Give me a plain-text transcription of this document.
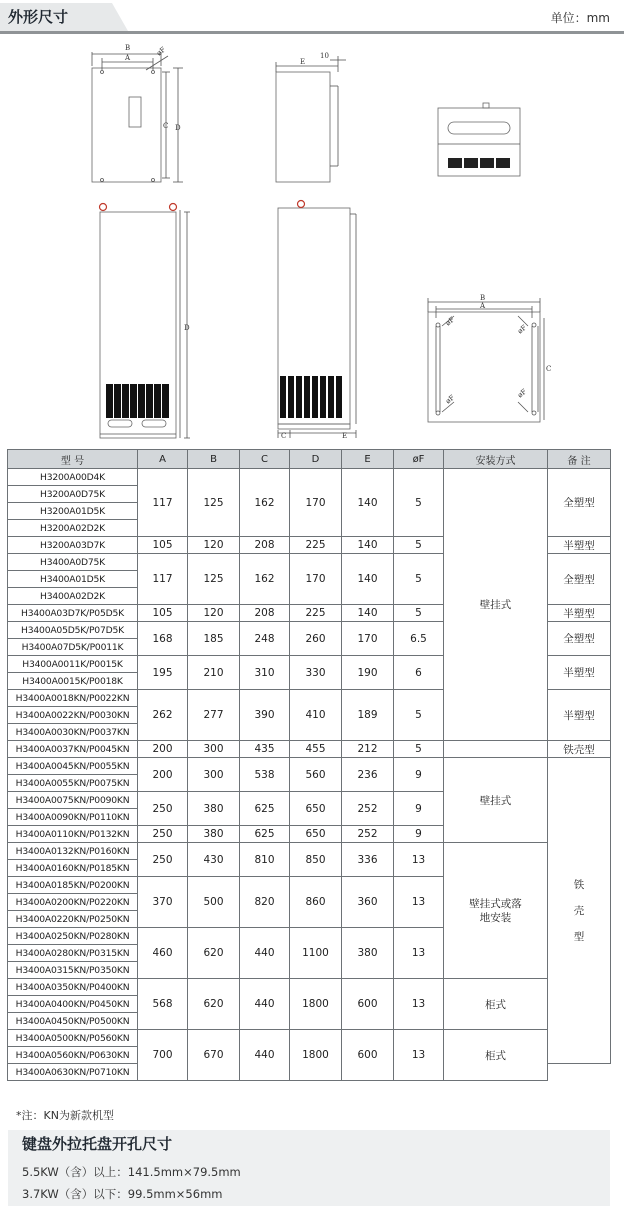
外形尺寸	单位：mm
B
A
øF
C D
E
10
D
C	E
B
A
øF
øF
øF
øF
C
型 号	A	B	C	D	E	øF	安装方式	备 注
H3200A00D4K	117	125	162	170	140	5	壁挂式	全塑型
H3200A0D75K								
H3200A01D5K								
H3200A02D2K								
H3200A03D7K	105	120	208	225	140	5		半塑型
H3400A0D75K	117	125	162	170	140	5		全塑型
H3400A01D5K								
H3400A02D2K								
H3400A03D7K/P05D5K	105	120	208	225	140	5		半塑型
H3400A05D5K/P07D5K	168	185	248	260	170	6.5		全塑型
H3400A07D5K/P0011K								
H3400A0011K/P0015K	195	210	310	330	190	6		半塑型
H3400A0015K/P0018K								
H3400A0018KN/P0022KN	262	277	390	410	189	5		半塑型
H3400A0022KN/P0030KN								
H3400A0030KN/P0037KN								
H3400A0037KN/P0045KN	200	300	435	455	212	5		铁壳型
H3400A0045KN/P0055KN	200	300	538	560	236	9	壁挂式	铁
壳
型

H3400A0055KN/P0075KN								
H3400A0075KN/P0090KN	250	380	625	650	252	9		
H3400A0090KN/P0110KN								
H3400A0110KN/P0132KN	250	380	625	650	252	9		
H3400A0132KN/P0160KN	250	430	810	850	336	13	壁挂式或落地安装	
H3400A0160KN/P0185KN								
H3400A0185KN/P0200KN	370	500	820	860	360	13		
H3400A0200KN/P0220KN								
H3400A0220KN/P0250KN								
H3400A0250KN/P0280KN	460	620	440	1100	380	13		
H3400A0280KN/P0315KN								
H3400A0315KN/P0350KN								
H3400A0350KN/P0400KN	568	620	440	1800	600	13	柜式	
H3400A0400KN/P0450KN								
H3400A0450KN/P0500KN								
H3400A0500KN/P0560KN	700	670	440	1800	600	13	柜式	
H3400A0560KN/P0630KN								
H3400A0630KN/P0710KN								
*注：KN为新款机型
键盘外拉托盘开孔尺寸
5.5KW（含）以上：141.5mm×79.5mm
3.7KW（含）以下：99.5mm×56mm
